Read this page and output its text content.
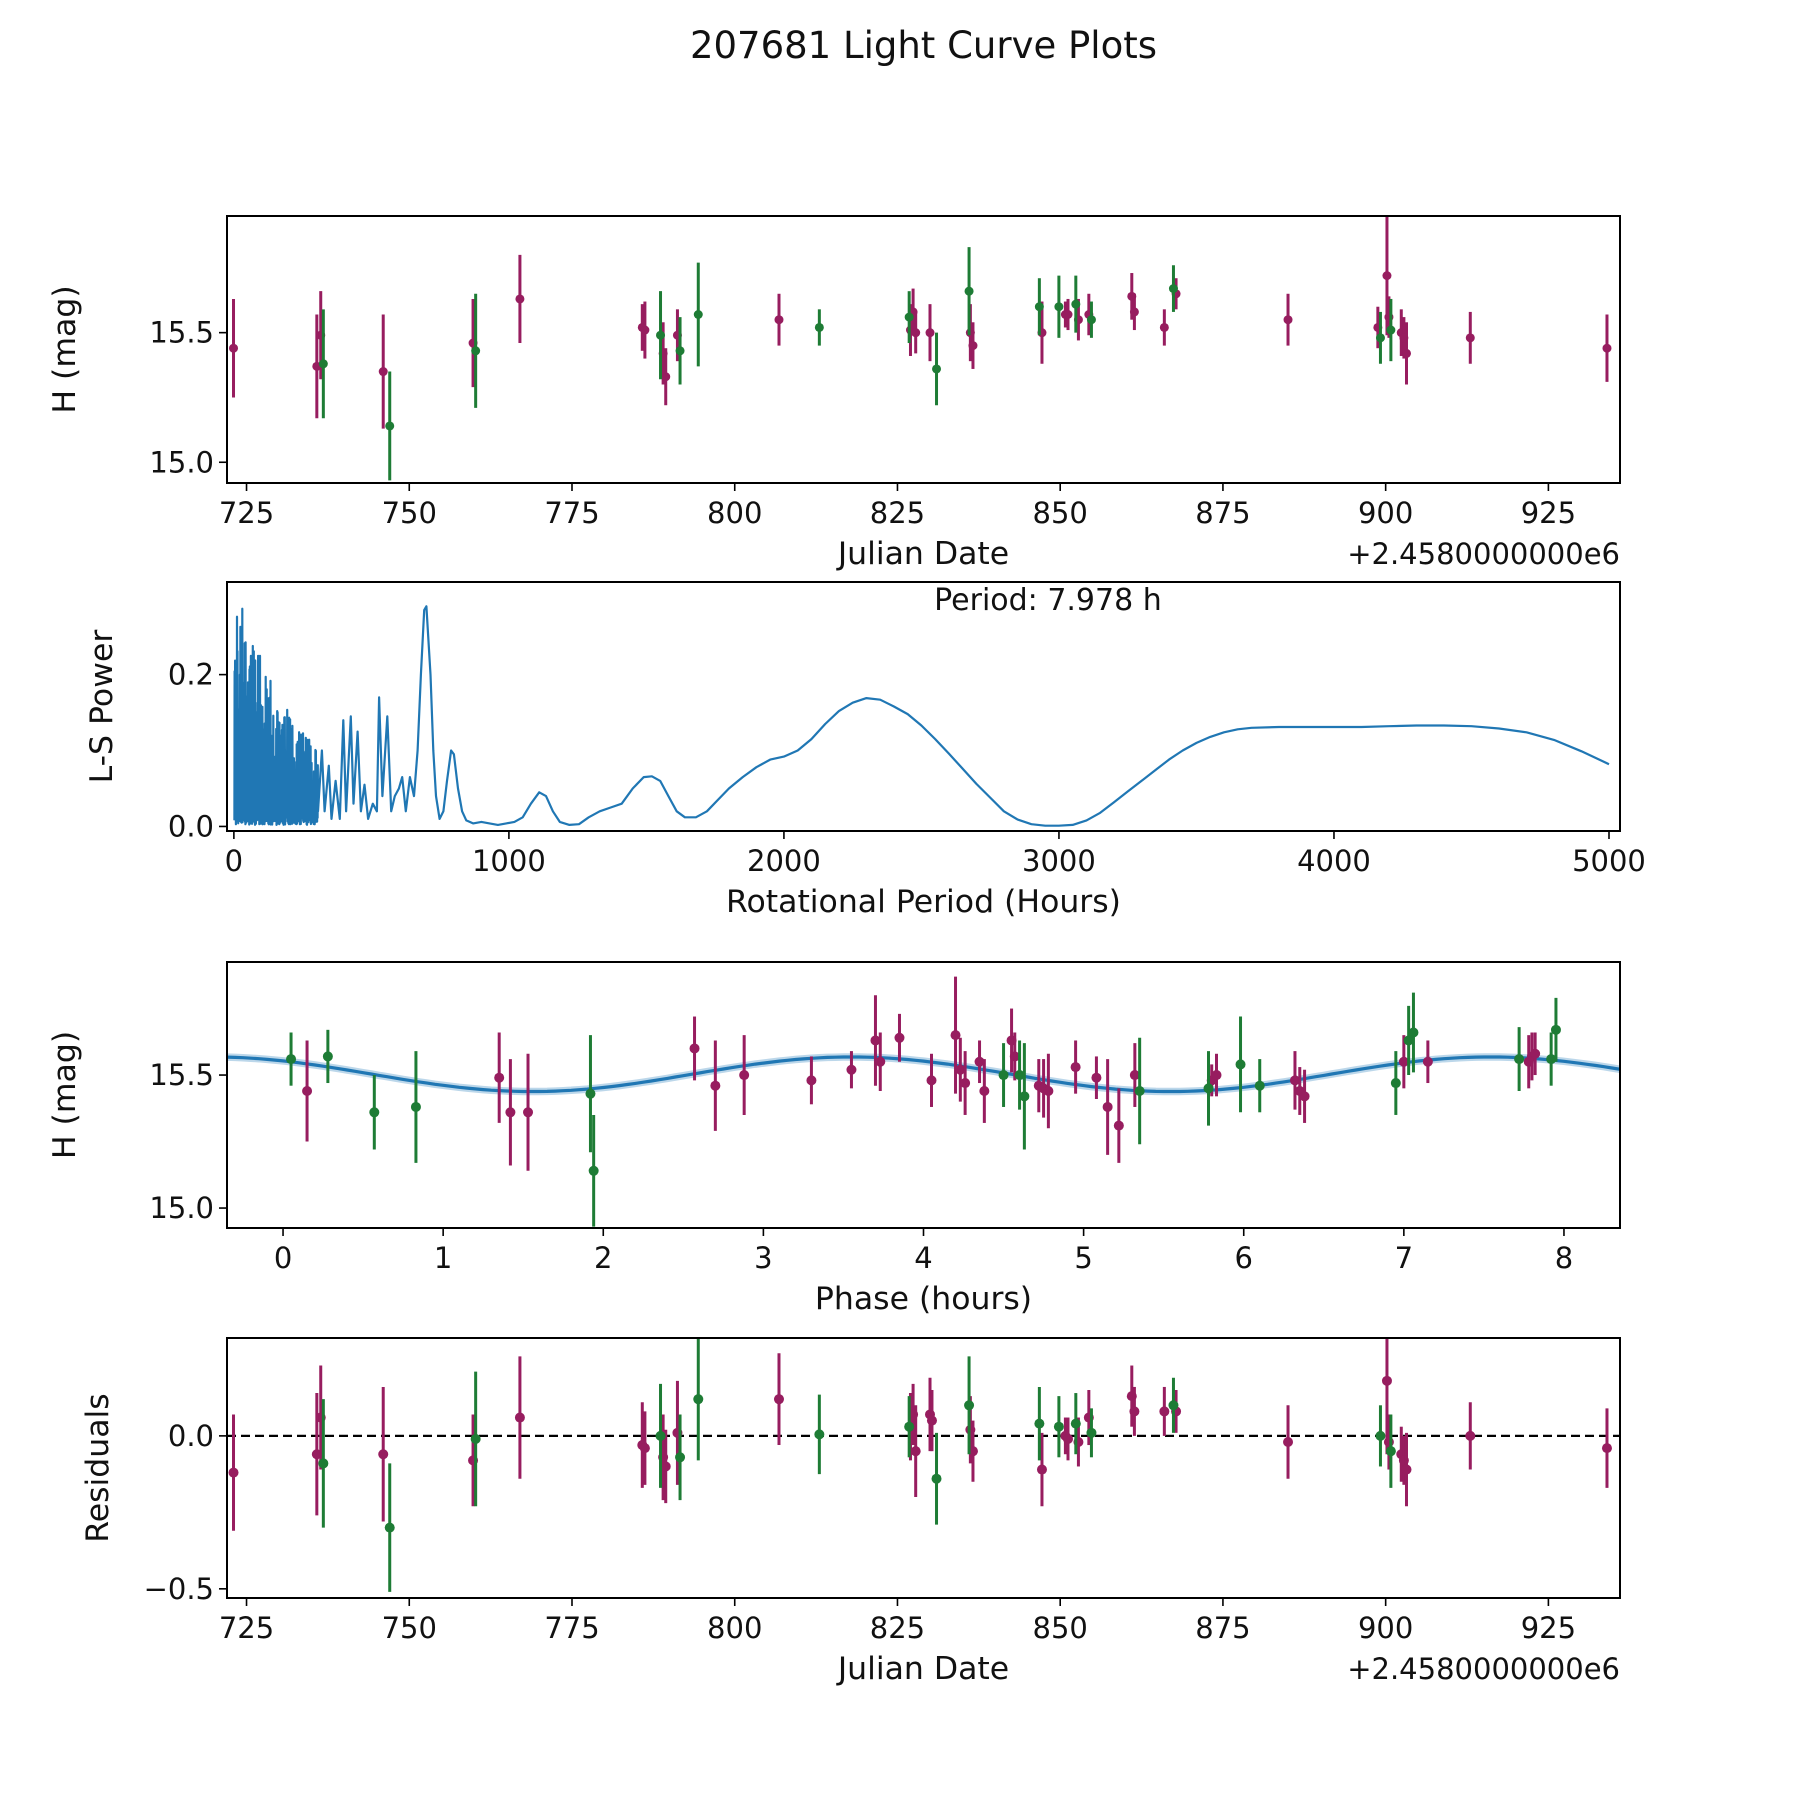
207681 Light Curve Plots
725	750	775	800	825	850	875	900	925
15.0
15.5
Julian Date	+2.4580000000e6
H (mag)
0	1000	2000	3000	4000	5000
0.0
0.2
Rotational Period (Hours)
L-S Power
Period: 7.978 h
0	1	2	3	4	5	6	7	8
15.0
15.5
Phase (hours)
H (mag)
725	750	775	800	825	850	875	900	925
−0.5
0.0
Julian Date	+2.4580000000e6
Residuals
